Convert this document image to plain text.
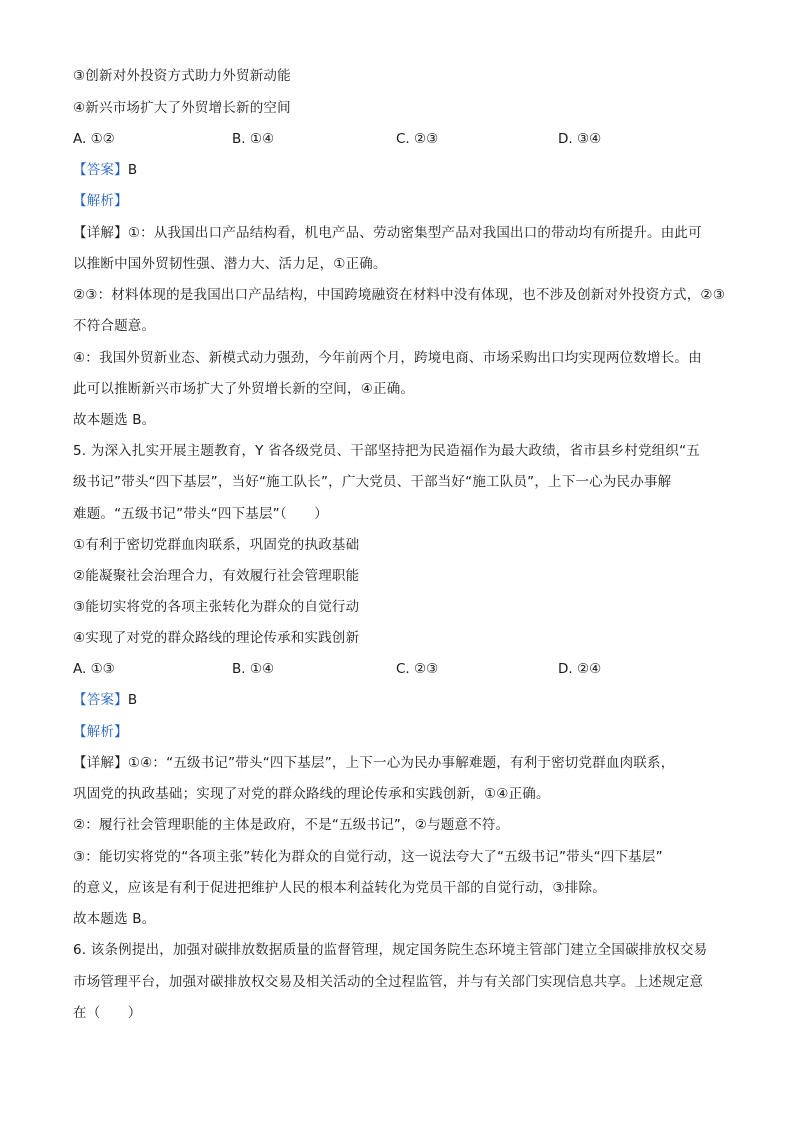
③创新对外投资方式助力外贸新动能
④新兴市场扩大了外贸增长新的空间
A. ①②	B. ①④	C. ②③	D. ③④
【答案】B
【解析】
【详解】①：从我国出口产品结构看，机电产品、劳动密集型产品对我国出口的带动均有所提升。由此可
以推断中国外贸韧性强、潜力大、活力足，①正确。
②③：材料体现的是我国出口产品结构，中国跨境融资在材料中没有体现，也不涉及创新对外投资方式，②③
不符合题意。
④：我国外贸新业态、新模式动力强劲，今年前两个月，跨境电商、市场采购出口均实现两位数增长。由
此可以推断新兴市场扩大了外贸增长新的空间，④正确。
故本题选 B。
5. 为深入扎实开展主题教育，Y 省各级党员、干部坚持把为民造福作为最大政绩，省市县乡村党组织“五
级书记”带头“四下基层”，当好“施工队长”，广大党员、干部当好“施工队员”，上下一心为民办事解
难题。“五级书记”带头“四下基层”（　　）
①有利于密切党群血肉联系，巩固党的执政基础
②能凝聚社会治理合力，有效履行社会管理职能
③能切实将党的各项主张转化为群众的自觉行动
④实现了对党的群众路线的理论传承和实践创新
A. ①③	B. ①④	C. ②③	D. ②④
【答案】B
【解析】
【详解】①④：“五级书记”带头“四下基层”，上下一心为民办事解难题，有利于密切党群血肉联系，
巩固党的执政基础；实现了对党的群众路线的理论传承和实践创新，①④正确。
②：履行社会管理职能的主体是政府，不是“五级书记”，②与题意不符。
③：能切实将党的“各项主张”转化为群众的自觉行动，这一说法夸大了“五级书记”带头“四下基层”
的意义，应该是有利于促进把维护人民的根本利益转化为党员干部的自觉行动，③排除。
故本题选 B。
6. 该条例提出，加强对碳排放数据质量的监督管理，规定国务院生态环境主管部门建立全国碳排放权交易
市场管理平台，加强对碳排放权交易及相关活动的全过程监管，并与有关部门实现信息共享。上述规定意
在（　　）
